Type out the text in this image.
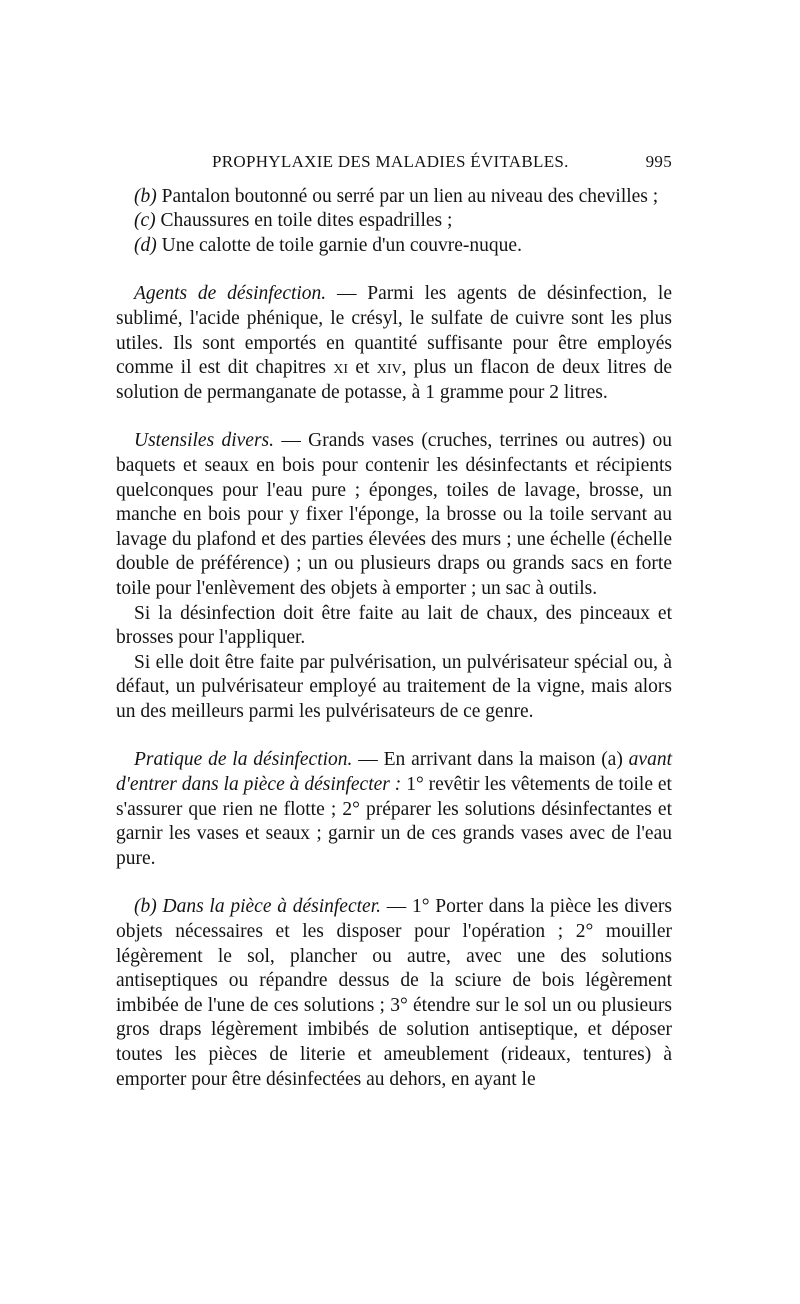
PROPHYLAXIE DES MALADIES ÉVITABLES.	995

(b) Pantalon boutonné ou serré par un lien au niveau des chevilles ;

(c) Chaussures en toile dites espadrilles ;

(d) Une calotte de toile garnie d'un couvre-nuque.

Agents de désinfection. — Parmi les agents de désinfection, le sublimé, l'acide phénique, le crésyl, le sulfate de cuivre sont les plus utiles. Ils sont emportés en quantité suffisante pour être employés comme il est dit chapitres xi et xiv, plus un flacon de deux litres de solution de permanganate de potasse, à 1 gramme pour 2 litres.

Ustensiles divers. — Grands vases (cruches, terrines ou autres) ou baquets et seaux en bois pour contenir les désinfectants et récipients quelconques pour l'eau pure ; éponges, toiles de lavage, brosse, un manche en bois pour y fixer l'éponge, la brosse ou la toile servant au lavage du plafond et des parties élevées des murs ; une échelle (échelle double de préférence) ; un ou plusieurs draps ou grands sacs en forte toile pour l'enlèvement des objets à emporter ; un sac à outils.

Si la désinfection doit être faite au lait de chaux, des pinceaux et brosses pour l'appliquer.

Si elle doit être faite par pulvérisation, un pulvérisateur spécial ou, à défaut, un pulvérisateur employé au traitement de la vigne, mais alors un des meilleurs parmi les pulvérisateurs de ce genre.

Pratique de la désinfection. — En arrivant dans la maison (a) avant d'entrer dans la pièce à désinfecter : 1° revêtir les vêtements de toile et s'assurer que rien ne flotte ; 2° préparer les solutions désinfectantes et garnir les vases et seaux ; garnir un de ces grands vases avec de l'eau pure.

(b) Dans la pièce à désinfecter. — 1° Porter dans la pièce les divers objets nécessaires et les disposer pour l'opération ; 2° mouiller légèrement le sol, plancher ou autre, avec une des solutions antiseptiques ou répandre dessus de la sciure de bois légèrement imbibée de l'une de ces solutions ; 3° étendre sur le sol un ou plusieurs gros draps légèrement imbibés de solution antiseptique, et déposer toutes les pièces de literie et ameublement (rideaux, tentures) à emporter pour être désinfectées au dehors, en ayant le
